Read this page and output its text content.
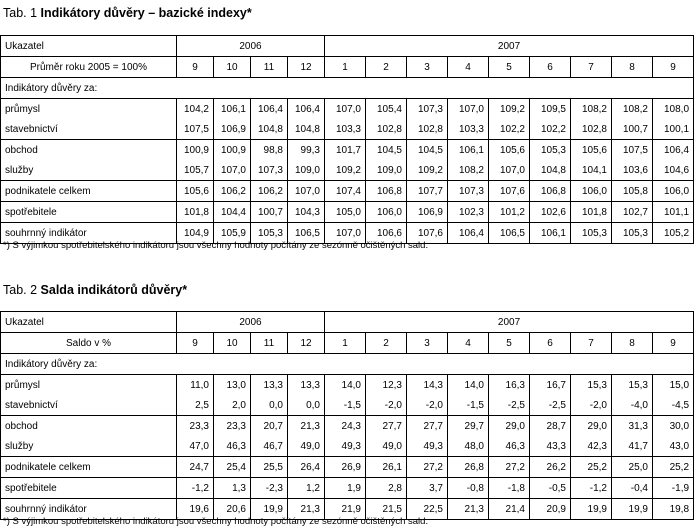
Tab. 1 Indikátory důvěry – bazické indexy*
Ukazatel	2006				2007								
Průměr roku 2005 = 100%	9	10	11	12	1	2	3	4	5	6	7	8	9
Indikátory důvěry za:													
průmysl	104,2	106,1	106,4	106,4	107,0	105,4	107,3	107,0	109,2	109,5	108,2	108,2	108,0
stavebnictví	107,5	106,9	104,8	104,8	103,3	102,8	102,8	103,3	102,2	102,2	102,8	100,7	100,1
obchod	100,9	100,9	98,8	99,3	101,7	104,5	104,5	106,1	105,6	105,3	105,6	107,5	106,4
služby	105,7	107,0	107,3	109,0	109,2	109,0	109,2	108,2	107,0	104,8	104,1	103,6	104,6
podnikatele celkem	105,6	106,2	106,2	107,0	107,4	106,8	107,7	107,3	107,6	106,8	106,0	105,8	106,0
spotřebitele	101,8	104,4	100,7	104,3	105,0	106,0	106,9	102,3	101,2	102,6	101,8	102,7	101,1
souhrnný indikátor	104,9	105,9	105,3	106,5	107,0	106,6	107,6	106,4	106,5	106,1	105,3	105,3	105,2
*) S výjimkou spotřebitelského indikátoru jsou všechny hodnoty počítány ze sezónně očištěných sald.
Tab. 2 Salda indikátorů důvěry*
Ukazatel	2006				2007								
Saldo v %	9	10	11	12	1	2	3	4	5	6	7	8	9
Indikátory důvěry za:													
průmysl	11,0	13,0	13,3	13,3	14,0	12,3	14,3	14,0	16,3	16,7	15,3	15,3	15,0
stavebnictví	2,5	2,0	0,0	0,0	-1,5	-2,0	-2,0	-1,5	-2,5	-2,5	-2,0	-4,0	-4,5
obchod	23,3	23,3	20,7	21,3	24,3	27,7	27,7	29,7	29,0	28,7	29,0	31,3	30,0
služby	47,0	46,3	46,7	49,0	49,3	49,0	49,3	48,0	46,3	43,3	42,3	41,7	43,0
podnikatele celkem	24,7	25,4	25,5	26,4	26,9	26,1	27,2	26,8	27,2	26,2	25,2	25,0	25,2
spotřebitele	-1,2	1,3	-2,3	1,2	1,9	2,8	3,7	-0,8	-1,8	-0,5	-1,2	-0,4	-1,9
souhrnný indikátor	19,6	20,6	19,9	21,3	21,9	21,5	22,5	21,3	21,4	20,9	19,9	19,9	19,8
*) S výjimkou spotřebitelského indikátoru jsou všechny hodnoty počítány ze sezónně očištěných sald.
